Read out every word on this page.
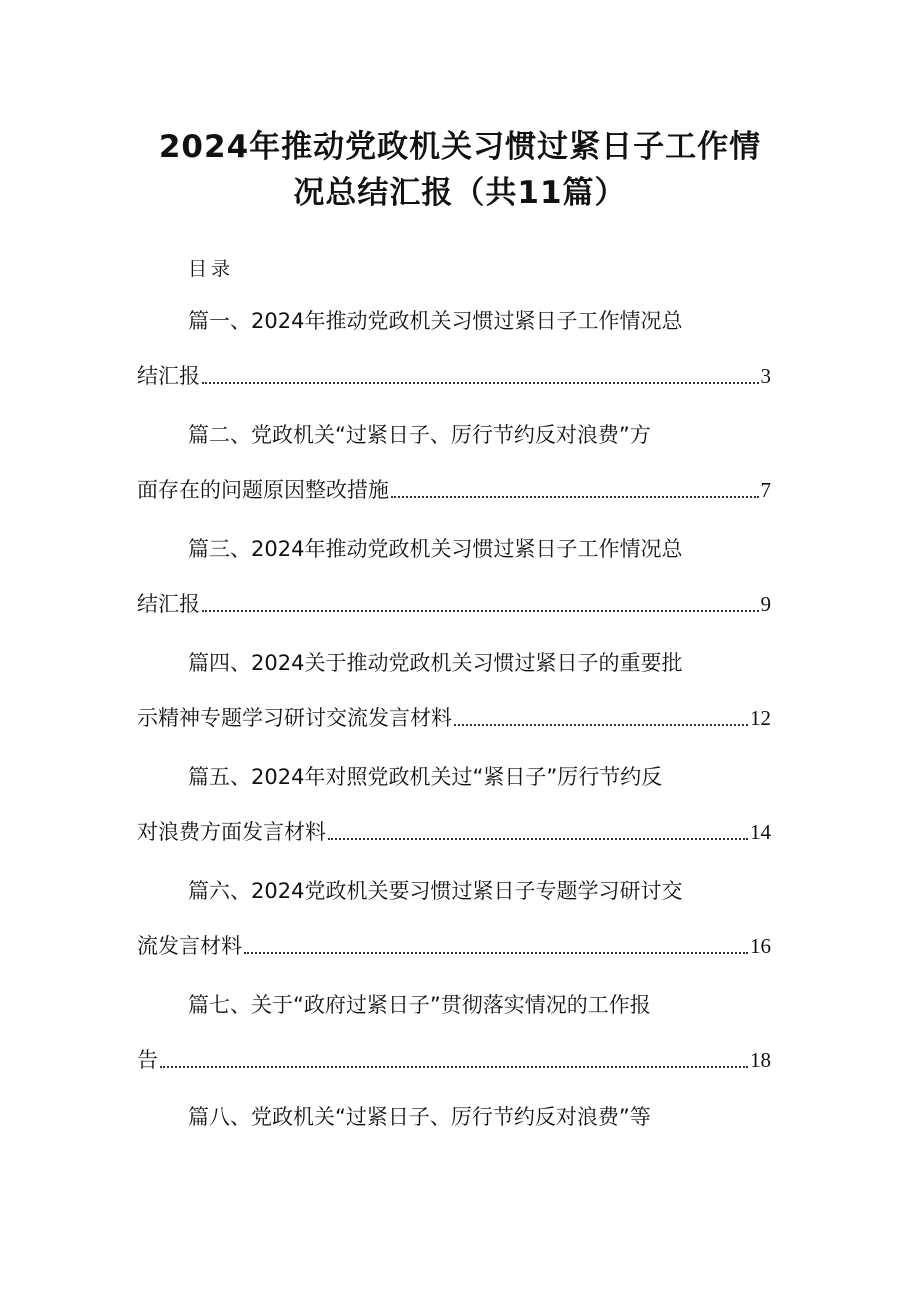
2024年推动党政机关习惯过紧日子工作情
况总结汇报（共11篇）
目录
篇一、2024年推动党政机关习惯过紧日子工作情况总
结汇报	3
篇二、党政机关“过紧日子、厉行节约反对浪费”方
面存在的问题原因整改措施	7
篇三、2024年推动党政机关习惯过紧日子工作情况总
结汇报	9
篇四、2024关于推动党政机关习惯过紧日子的重要批
示精神专题学习研讨交流发言材料	12
篇五、2024年对照党政机关过“紧日子”厉行节约反
对浪费方面发言材料	14
篇六、2024党政机关要习惯过紧日子专题学习研讨交
流发言材料	16
篇七、关于“政府过紧日子”贯彻落实情况的工作报
告	18
篇八、党政机关“过紧日子、厉行节约反对浪费”等
